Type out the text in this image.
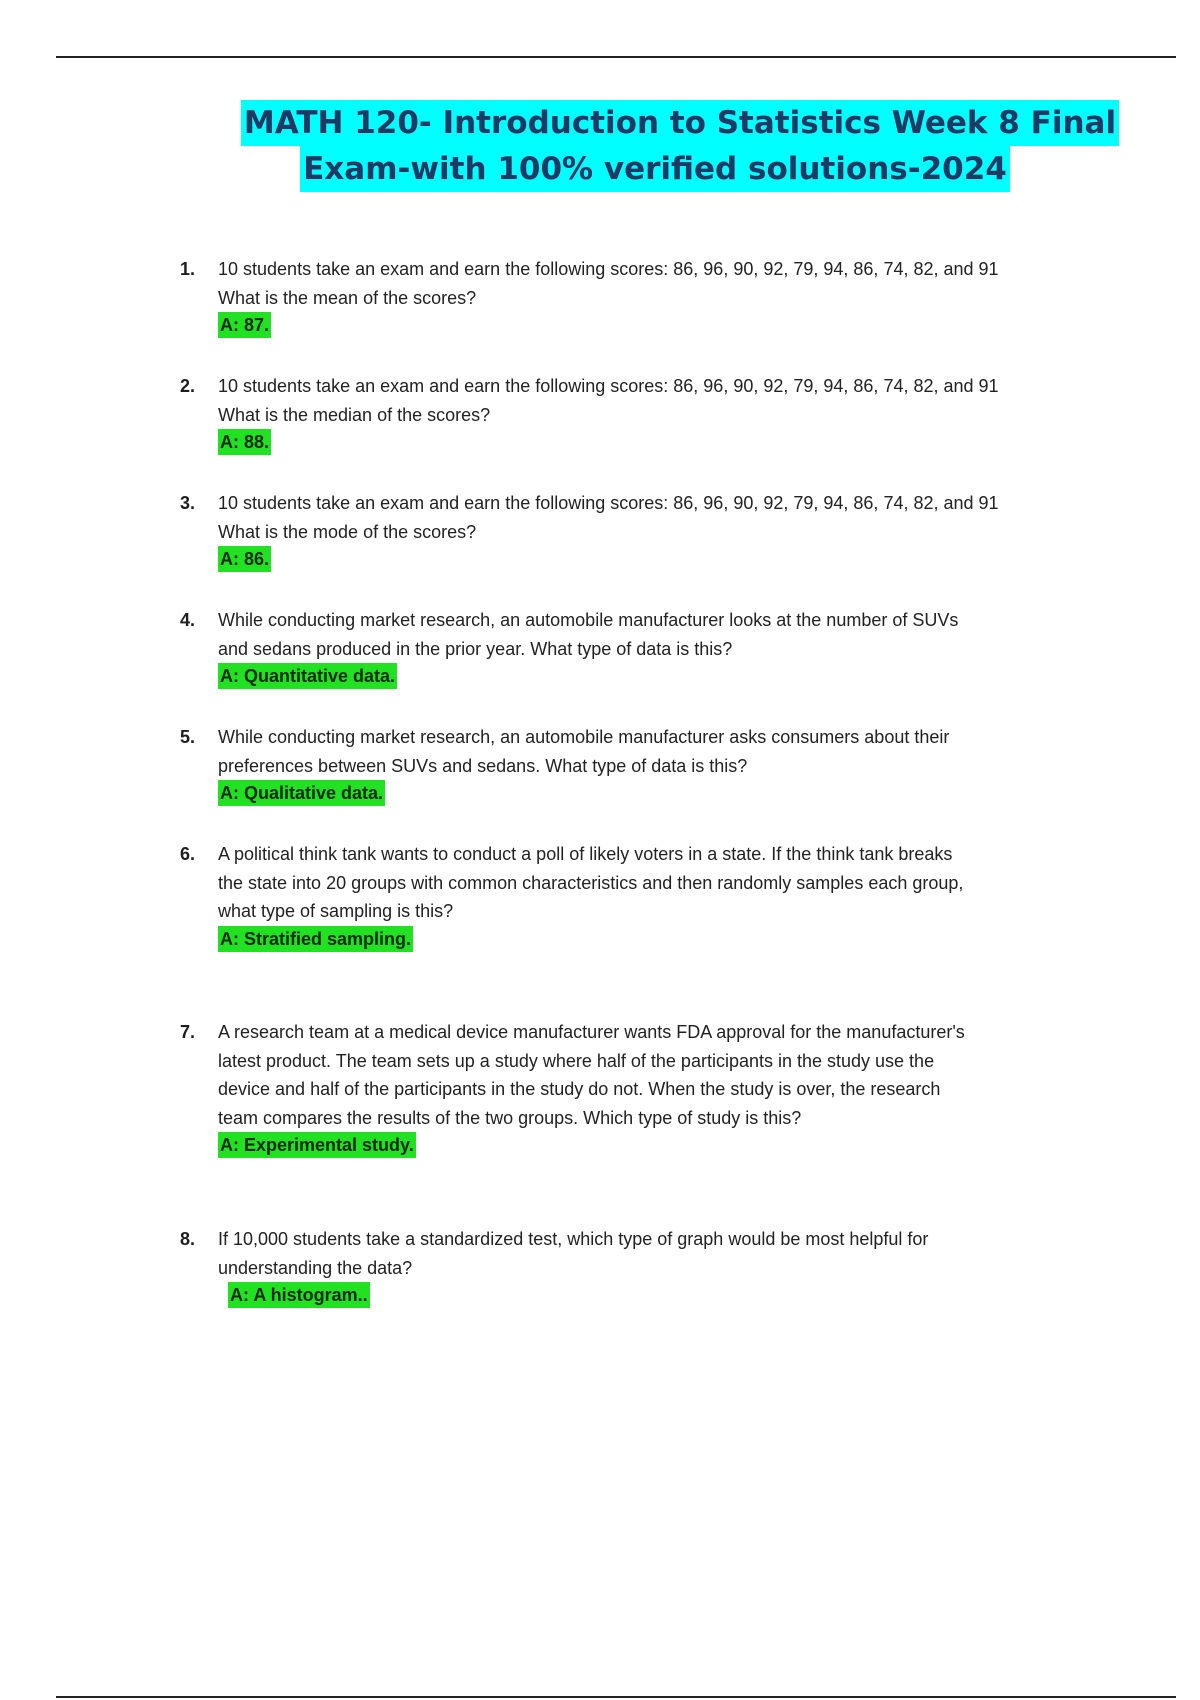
MATH 120- Introduction to Statistics Week 8 Final
Exam-with 100% verified solutions-2024
1. 10 students take an exam and earn the following scores: 86, 96, 90, 92, 79, 94, 86, 74, 82, and 91
What is the mean of the scores?

A: 87.
2. 10 students take an exam and earn the following scores: 86, 96, 90, 92, 79, 94, 86, 74, 82, and 91
What is the median of the scores?

A: 88.
3. 10 students take an exam and earn the following scores: 86, 96, 90, 92, 79, 94, 86, 74, 82, and 91
What is the mode of the scores?

A: 86.
4. While conducting market research, an automobile manufacturer looks at the number of SUVs
and sedans produced in the prior year. What type of data is this?

A: Quantitative data.
5. While conducting market research, an automobile manufacturer asks consumers about their
preferences between SUVs and sedans. What type of data is this?

A: Qualitative data.
6. A political think tank wants to conduct a poll of likely voters in a state. If the think tank breaks
the state into 20 groups with common characteristics and then randomly samples each group,
what type of sampling is this?

A: Stratified sampling.
7. A research team at a medical device manufacturer wants FDA approval for the manufacturer's
latest product. The team sets up a study where half of the participants in the study use the
device and half of the participants in the study do not. When the study is over, the research
team compares the results of the two groups. Which type of study is this?

A: Experimental study.
8. If 10,000 students take a standardized test, which type of graph would be most helpful for
understanding the data?

A: A histogram..
